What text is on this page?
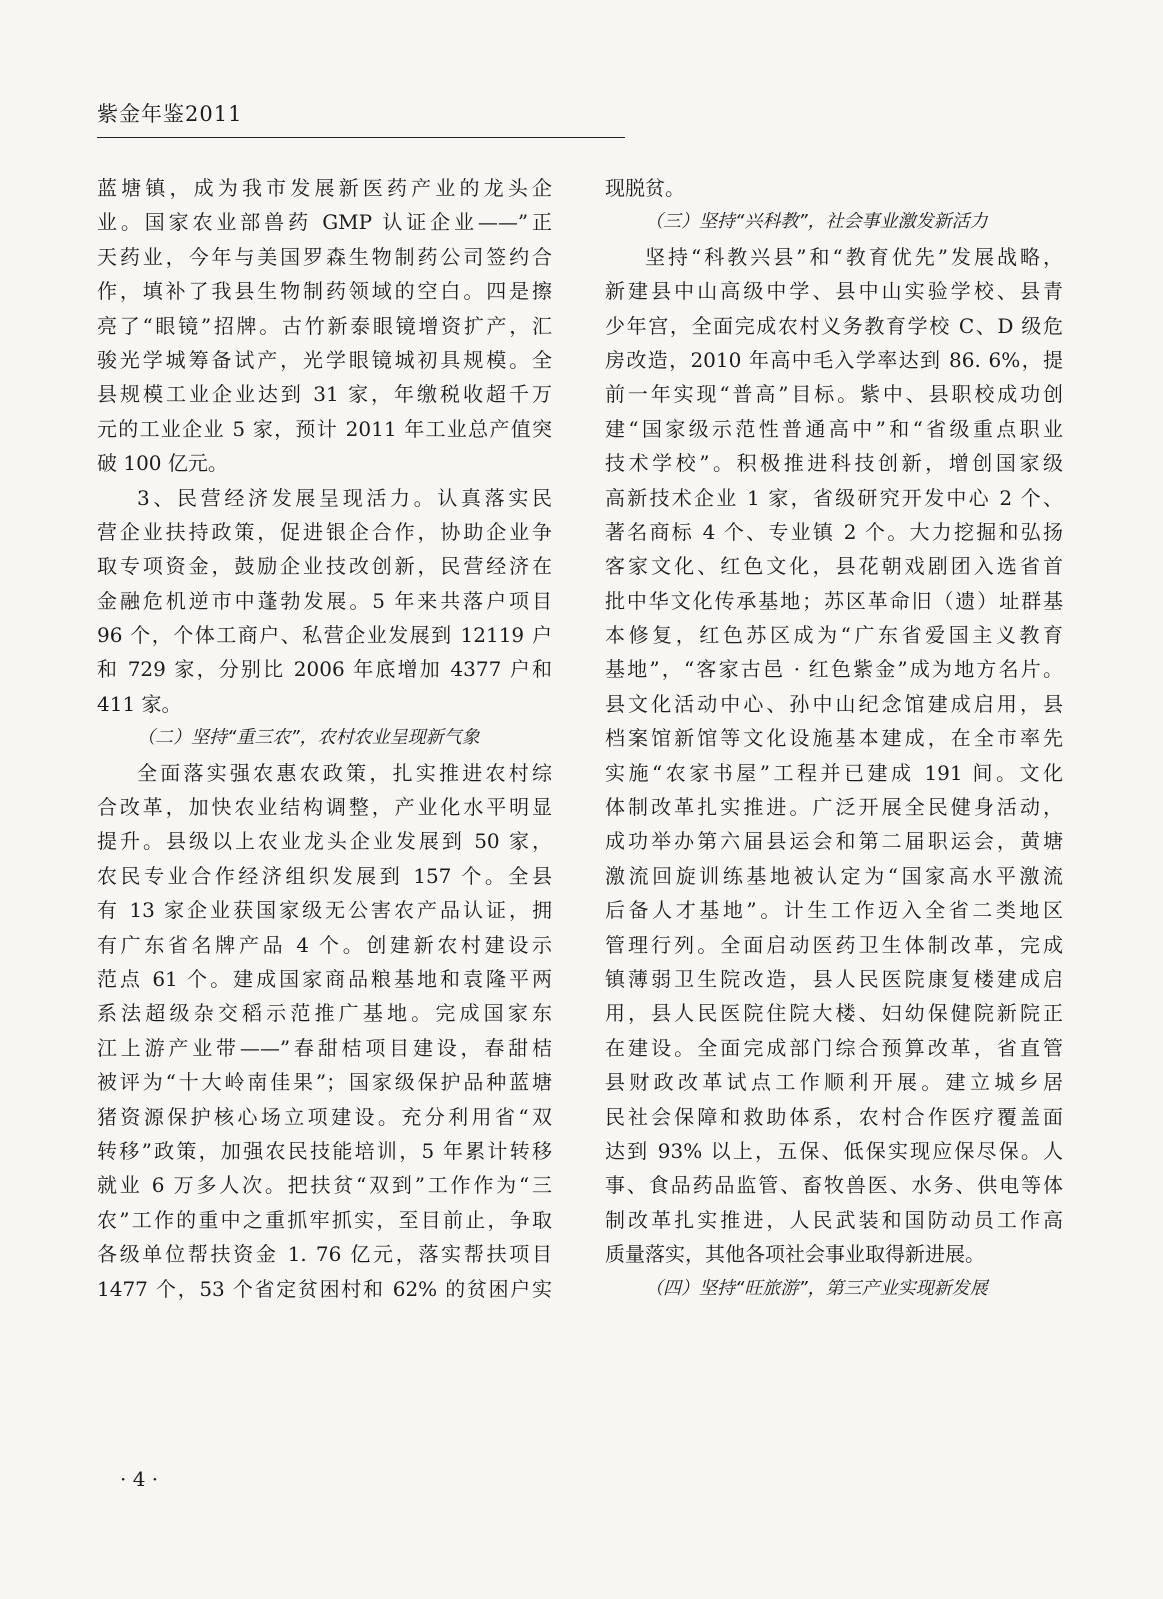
紫金年鉴2011
蓝塘镇，成为我市发展新医药产业的龙头企
业。国家农业部兽药 GMP 认证企业——”正
天药业，今年与美国罗森生物制药公司签约合
作，填补了我县生物制药领域的空白。四是擦
亮了“眼镜”招牌。古竹新泰眼镜增资扩产，汇
骏光学城筹备试产，光学眼镜城初具规模。全
县规模工业企业达到 31 家，年缴税收超千万
元的工业企业 5 家，预计 2011 年工业总产值突
破 100 亿元。
3、民营经济发展呈现活力。认真落实民
营企业扶持政策，促进银企合作，协助企业争
取专项资金，鼓励企业技改创新，民营经济在
金融危机逆市中蓬勃发展。5 年来共落户项目
96 个，个体工商户、私营企业发展到 12119 户
和 729 家，分别比 2006 年底增加 4377 户和
411 家。
（二）坚持“重三农”，农村农业呈现新气象
全面落实强农惠农政策，扎实推进农村综
合改革，加快农业结构调整，产业化水平明显
提升。县级以上农业龙头企业发展到 50 家，
农民专业合作经济组织发展到 157 个。全县
有 13 家企业获国家级无公害农产品认证，拥
有广东省名牌产品 4 个。创建新农村建设示
范点 61 个。建成国家商品粮基地和袁隆平两
系法超级杂交稻示范推广基地。完成国家东
江上游产业带——”春甜桔项目建设，春甜桔
被评为“十大岭南佳果”；国家级保护品种蓝塘
猪资源保护核心场立项建设。充分利用省“双
转移”政策，加强农民技能培训，5 年累计转移
就业 6 万多人次。把扶贫“双到”工作作为“三
农”工作的重中之重抓牢抓实，至目前止，争取
各级单位帮扶资金 1. 76 亿元，落实帮扶项目
1477 个，53 个省定贫困村和 62% 的贫困户实
现脱贫。
（三）坚持“兴科教”，社会事业激发新活力
坚持“科教兴县”和“教育优先”发展战略，
新建县中山高级中学、县中山实验学校、县青
少年宫，全面完成农村义务教育学校 C、D 级危
房改造，2010 年高中毛入学率达到 86. 6%，提
前一年实现“普高”目标。紫中、县职校成功创
建“国家级示范性普通高中”和“省级重点职业
技术学校”。积极推进科技创新，增创国家级
高新技术企业 1 家，省级研究开发中心 2 个、
著名商标 4 个、专业镇 2 个。大力挖掘和弘扬
客家文化、红色文化，县花朝戏剧团入选省首
批中华文化传承基地；苏区革命旧（遗）址群基
本修复，红色苏区成为“广东省爱国主义教育
基地”，“客家古邑 · 红色紫金”成为地方名片。
县文化活动中心、孙中山纪念馆建成启用，县
档案馆新馆等文化设施基本建成，在全市率先
实施“农家书屋”工程并已建成 191 间。文化
体制改革扎实推进。广泛开展全民健身活动，
成功举办第六届县运会和第二届职运会，黄塘
激流回旋训练基地被认定为“国家高水平激流
后备人才基地”。计生工作迈入全省二类地区
管理行列。全面启动医药卫生体制改革，完成
镇薄弱卫生院改造，县人民医院康复楼建成启
用，县人民医院住院大楼、妇幼保健院新院正
在建设。全面完成部门综合预算改革，省直管
县财政改革试点工作顺利开展。建立城乡居
民社会保障和救助体系，农村合作医疗覆盖面
达到 93% 以上，五保、低保实现应保尽保。人
事、食品药品监管、畜牧兽医、水务、供电等体
制改革扎实推进，人民武装和国防动员工作高
质量落实，其他各项社会事业取得新进展。
（四）坚持“旺旅游”，第三产业实现新发展
· 4 ·
